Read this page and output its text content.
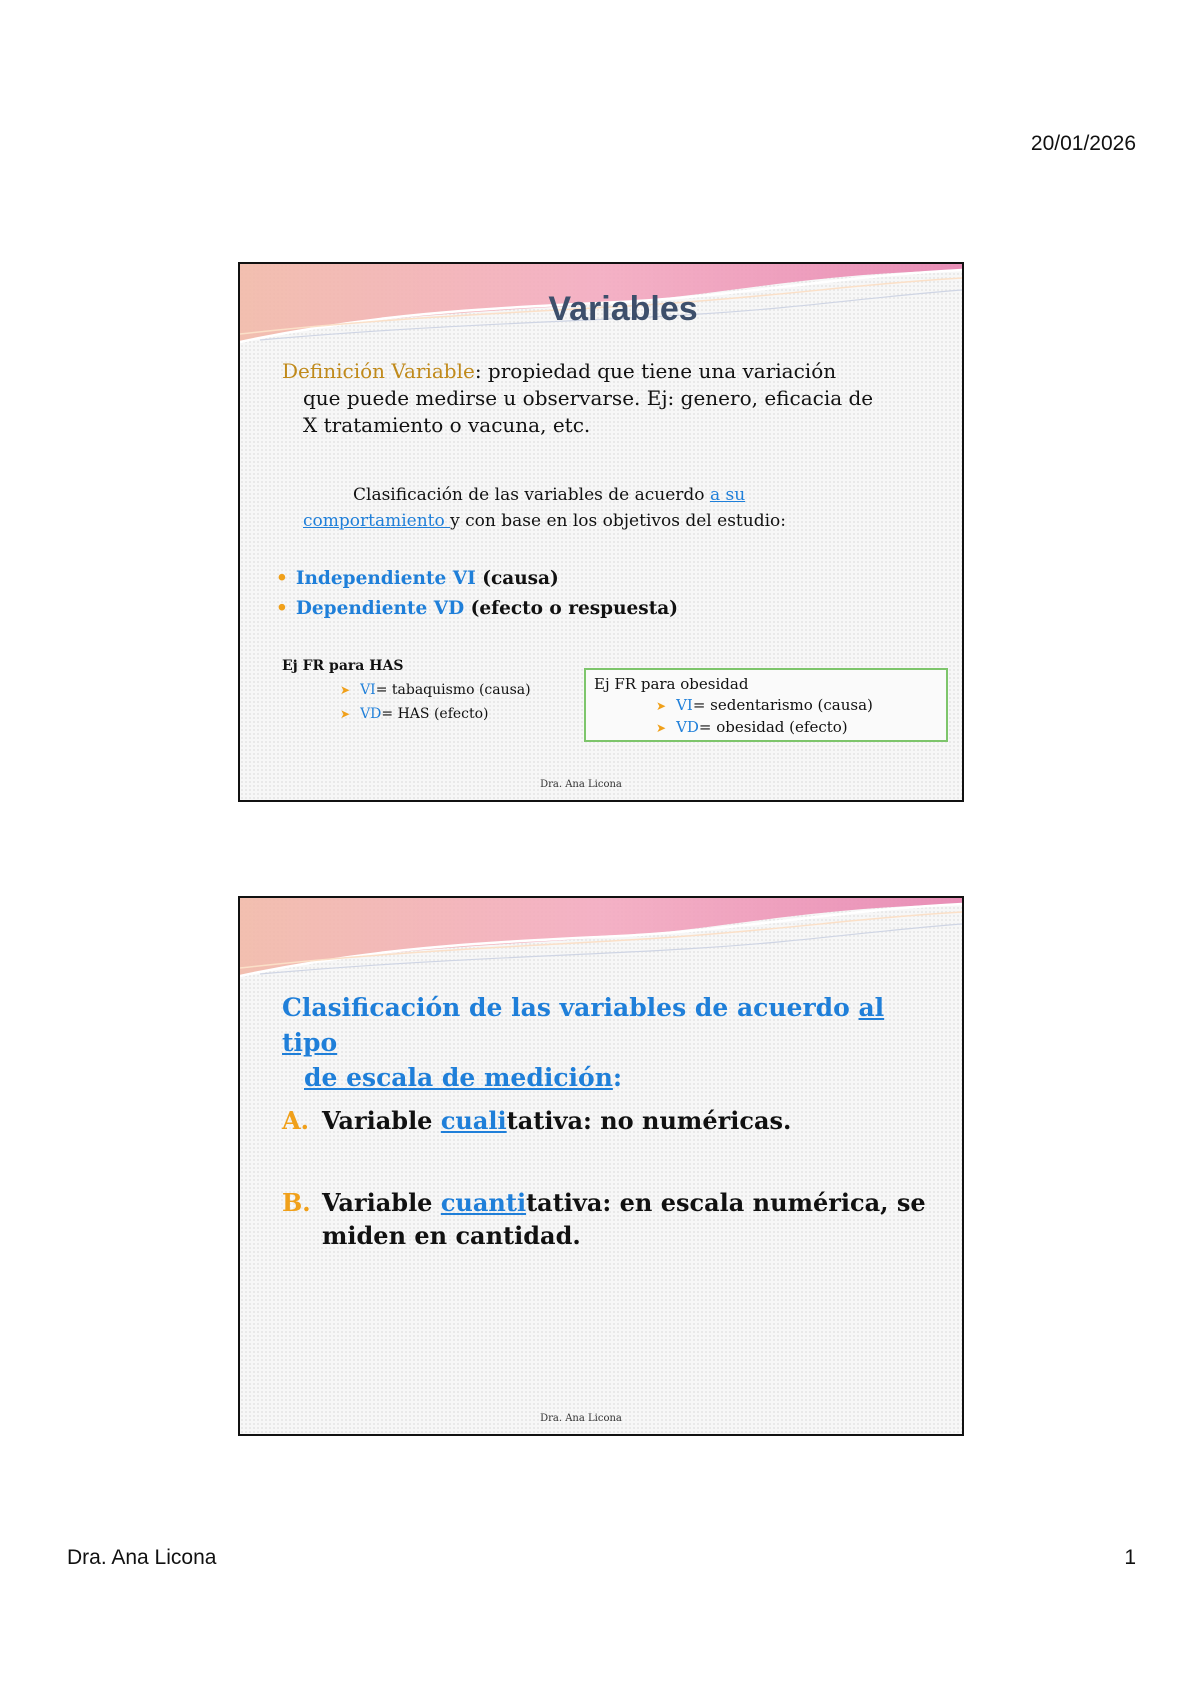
20/01/2026
Variables
Definición Variable: propiedad que tiene una variación
que puede medirse u observarse. Ej: genero, eficacia de
X tratamiento o vacuna, etc.
Clasificación de las variables de acuerdo a su
comportamiento y con base en los objetivos del estudio:
• Independiente VI (causa)
• Dependiente VD (efecto o respuesta)
Ej FR para HAS
➤ VI= tabaquismo (causa)
➤ VD= HAS (efecto)
Ej FR para obesidad
➤ VI= sedentarismo (causa)
➤ VD= obesidad (efecto)
Dra. Ana Licona
Clasificación de las variables de acuerdo al tipo
de escala de medición:
A. Variable cualitativa: no numéricas.
B. Variable cuantitativa: en escala numérica, se
miden en cantidad.
Dra. Ana Licona
Dra. Ana Licona	1
